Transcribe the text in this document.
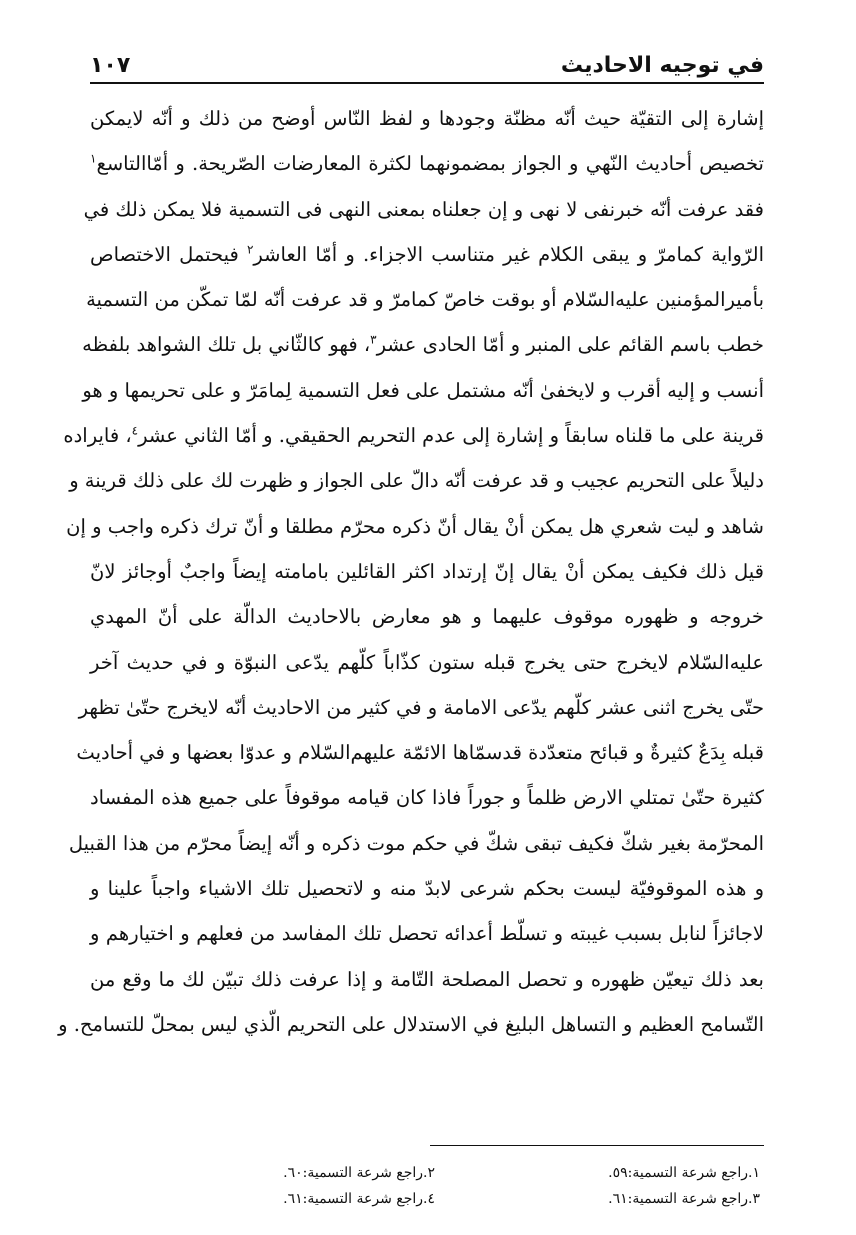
في توجيه الاحاديث
١٠٧
إشارة إلى التقيّة حيث أنّه مظنّة وجودها و لفظ النّاس أوضح من ذلك و أنّه لايمكن
تخصيص أحاديث النّهي و الجواز بمضمونهما لكثرة المعارضات الصّريحة. و أمّاالتاسع$^١$
فقد عرفت أنّه خبرنفى لا نهى و إن جعلناه بمعنى النهى فى التسمية فلا يمكن ذلك في
الرّواية كمامرّ و يبقى الكلام غير متناسب الاجزاء. و أمّا العاشر$^٢$ فيحتمل الاختصاص
بأميرالمؤمنين عليه‌السّلام أو بوقت خاصّ كمامرّ و قد عرفت أنّه لمّا تمكّن من التسمية
خطب باسم القائم على المنبر و أمّا الحادى عشر$^٣$، فهو كالثّاني بل تلك الشواهد بلفظه
أنسب و إليه أقرب و لايخفىٰ أنّه مشتمل على فعل التسمية لِمامَرّ و على تحريمها و هو
قرينة على ما قلناه سابقاً و إشارة إلى عدم التحريم الحقيقي. و أمّا الثاني عشر$^٤$، فايراده
دليلاً على التحريم عجيب و قد عرفت أنّه دالّ على الجواز و ظهرت لك على ذلك قرينة و
شاهد و ليت شعري هل يمكن أنْ يقال أنّ ذكره محرّم مطلقا و أنّ ترك ذكره واجب و إن
قيل ذلك فكيف يمكن أنْ يقال إنّ إرتداد اكثر القائلين بامامته إيضاً واجبٌ أوجائز لانّ
خروجه و ظهوره موقوف عليهما و هو معارض بالاحاديث الدالّة على أنّ المهدي
عليه‌السّلام لايخرج حتى يخرج قبله ستون كذّاباً كلّهم يدّعى النبوّة و في حديث آخر
حتّى يخرج اثنى عشر كلّهم يدّعى الامامة و في كثير من الاحاديث أنّه لايخرج حتّىٰ تظهر
قبله بِدَعٌ كثيرةٌ و قبائح متعدّدة قدسمّاها الائمّة عليهم‌السّلام و عدوّا بعضها و في أحاديث
كثيرة حتّىٰ تمتلي الارض ظلماً و جوراً فاذا كان قيامه موقوفاً على جميع هذه المفساد
المحرّمة بغير شكّ فكيف تبقى شكّ في حكم موت ذكره و أنّه إيضاً محرّم من هذا القبيل
و هذه الموقوفيّة ليست بحكم شرعى لابدّ منه و لاتحصيل تلك الاشياء واجباً علينا و
لاجائزاً لنابل بسبب غيبته و تسلّط أعدائه تحصل تلك المفاسد من فعلهم و اختيارهم و
بعد ذلك تيعيّن ظهوره و تحصل المصلحة التّامة و إذا عرفت ذلك تبيّن لك ما وقع من
التّسامح العظيم و التساهل البليغ في الاستدلال على التحريم الّذي ليس بمحلّ للتسامح. و
١.راجع شرعة التسمية:٥٩.
٢.راجع شرعة التسمية:٦٠.
٣.راجع شرعة التسمية:٦١.
٤.راجع شرعة التسمية:٦١.
